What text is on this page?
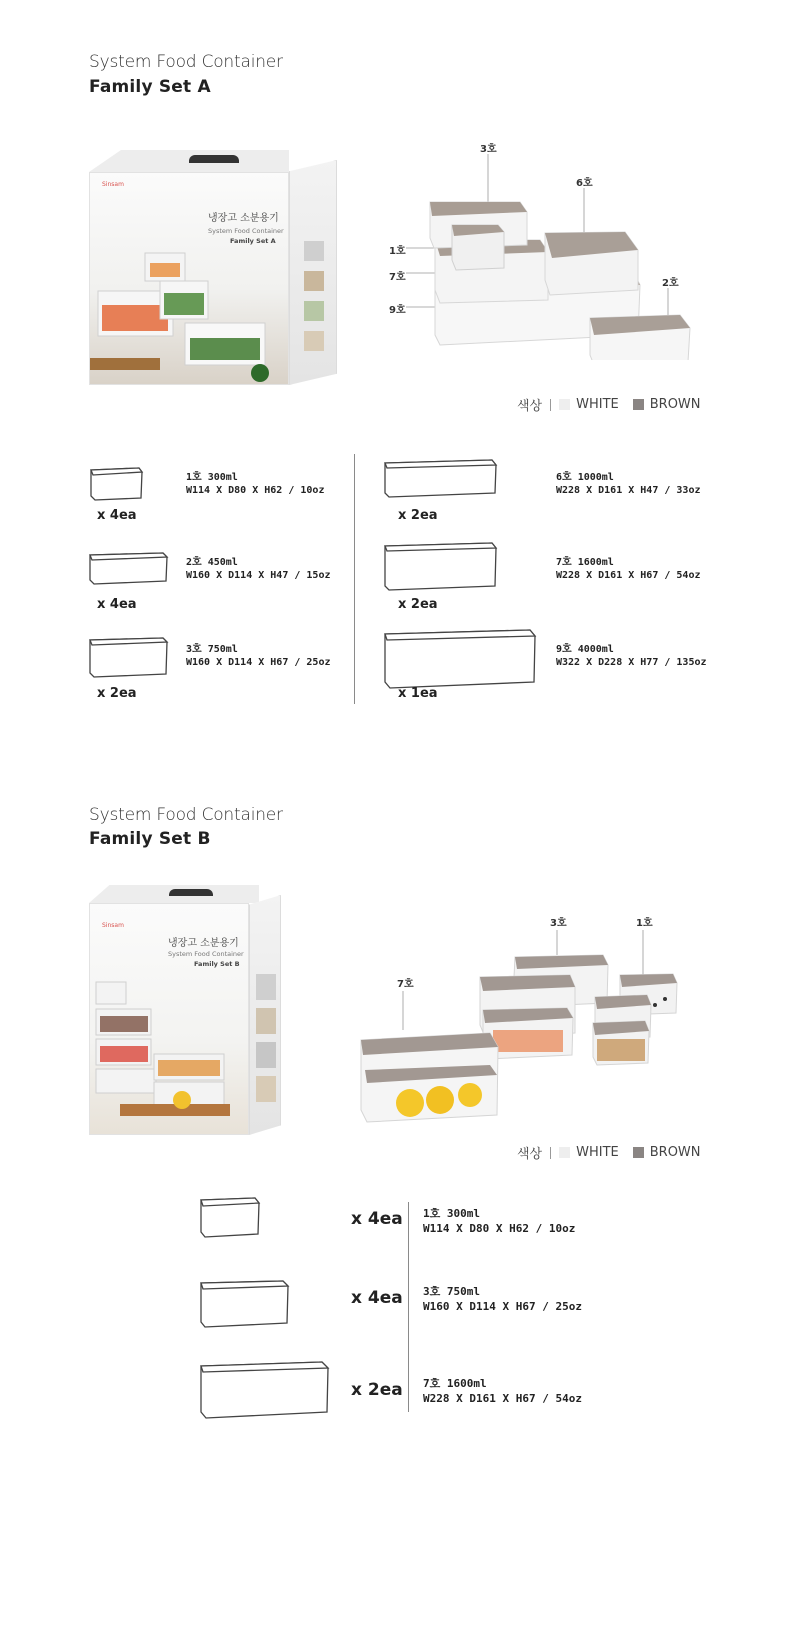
System Food Container
Family Set A
Sinsam
냉장고 소분용기
System Food Container
Family Set A
3호
6호
1호
7호
9호
2호
색상	WHITE BROWN
x 4ea
1호 300ml
W114 X D80 X H62 / 10oz
x 4ea
2호 450ml
W160 X D114 X H47 / 15oz
x 2ea
3호 750ml
W160 X D114 X H67 / 25oz
x 2ea
6호 1000ml
W228 X D161 X H47 / 33oz
x 2ea
7호 1600ml
W228 X D161 X H67 / 54oz
x 1ea
9호 4000ml
W322 X D228 X H77 / 135oz
System Food Container
Family Set B
Sinsam
냉장고 소분용기
System Food Container
Family Set B
3호	1호
7호
색상	WHITE BROWN
x 4ea 1호 300ml
W114 X D80 X H62 / 10oz
x 4ea 3호 750ml
W160 X D114 X H67 / 25oz
x 2ea 7호 1600ml
W228 X D161 X H67 / 54oz
